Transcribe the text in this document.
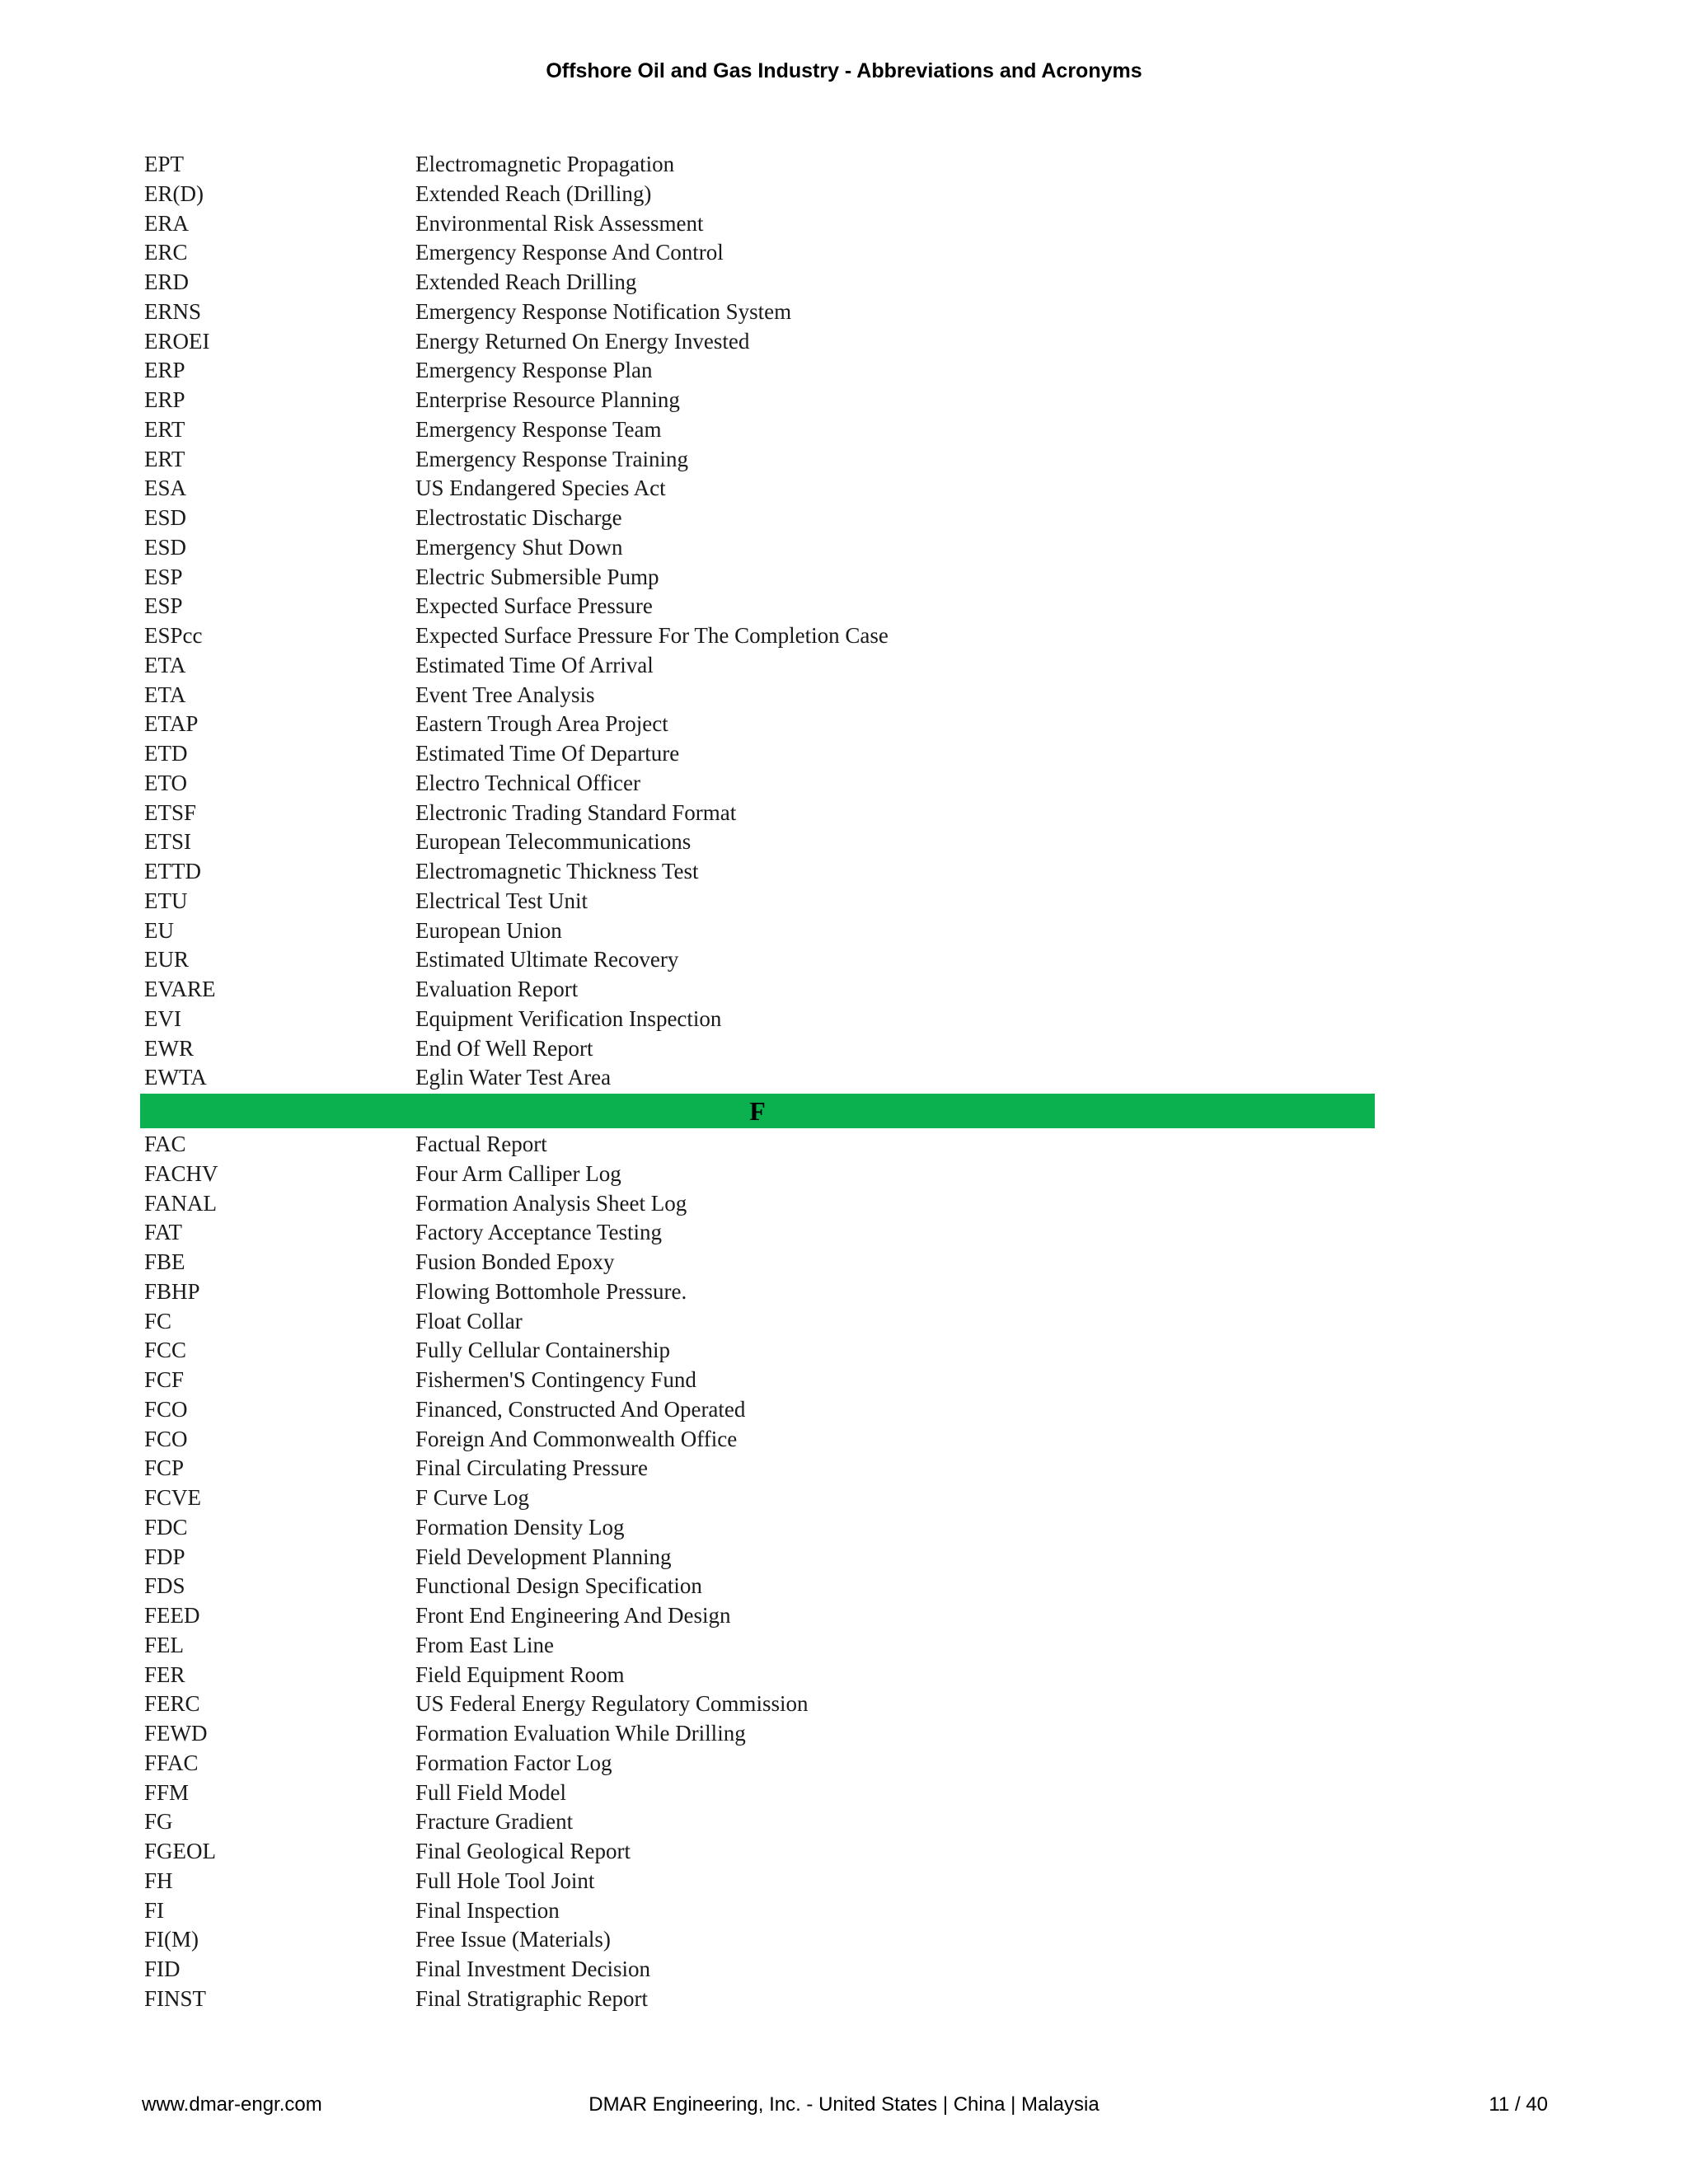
Offshore Oil and Gas Industry - Abbreviations and Acronyms
EPT	Electromagnetic Propagation
ER(D)	Extended Reach (Drilling)
ERA	Environmental Risk Assessment
ERC	Emergency Response And Control
ERD	Extended Reach Drilling
ERNS	Emergency Response Notification System
EROEI	Energy Returned On Energy Invested
ERP	Emergency Response Plan
ERP	Enterprise Resource Planning
ERT	Emergency Response Team
ERT	Emergency Response Training
ESA	US Endangered Species Act
ESD	Electrostatic Discharge
ESD	Emergency Shut Down
ESP	Electric Submersible Pump
ESP	Expected Surface Pressure
ESPcc	Expected Surface Pressure For The Completion Case
ETA	Estimated Time Of Arrival
ETA	Event Tree Analysis
ETAP	Eastern Trough Area Project
ETD	Estimated Time Of Departure
ETO	Electro Technical Officer
ETSF	Electronic Trading Standard Format
ETSI	European Telecommunications
ETTD	Electromagnetic Thickness Test
ETU	Electrical Test Unit
EU	European Union
EUR	Estimated Ultimate Recovery
EVARE	Evaluation Report
EVI	Equipment Verification Inspection
EWR	End Of Well Report
EWTA	Eglin Water Test Area
F
FAC	Factual Report
FACHV	Four Arm Calliper Log
FANAL	Formation Analysis Sheet Log
FAT	Factory Acceptance Testing
FBE	Fusion Bonded Epoxy
FBHP	Flowing Bottomhole Pressure.
FC	Float Collar
FCC	Fully Cellular Containership
FCF	Fishermen'S Contingency Fund
FCO	Financed, Constructed And Operated
FCO	Foreign And Commonwealth Office
FCP	Final Circulating Pressure
FCVE	F Curve Log
FDC	Formation Density Log
FDP	Field Development Planning
FDS	Functional Design Specification
FEED	Front End Engineering And Design
FEL	From East Line
FER	Field Equipment Room
FERC	US Federal Energy Regulatory Commission
FEWD	Formation Evaluation While Drilling
FFAC	Formation Factor Log
FFM	Full Field Model
FG	Fracture Gradient
FGEOL	Final Geological Report
FH	Full Hole Tool Joint
FI	Final Inspection
FI(M)	Free Issue (Materials)
FID	Final Investment Decision
FINST	Final Stratigraphic Report
www.dmar-engr.com	DMAR Engineering, Inc. - United States | China | Malaysia	11 / 40
